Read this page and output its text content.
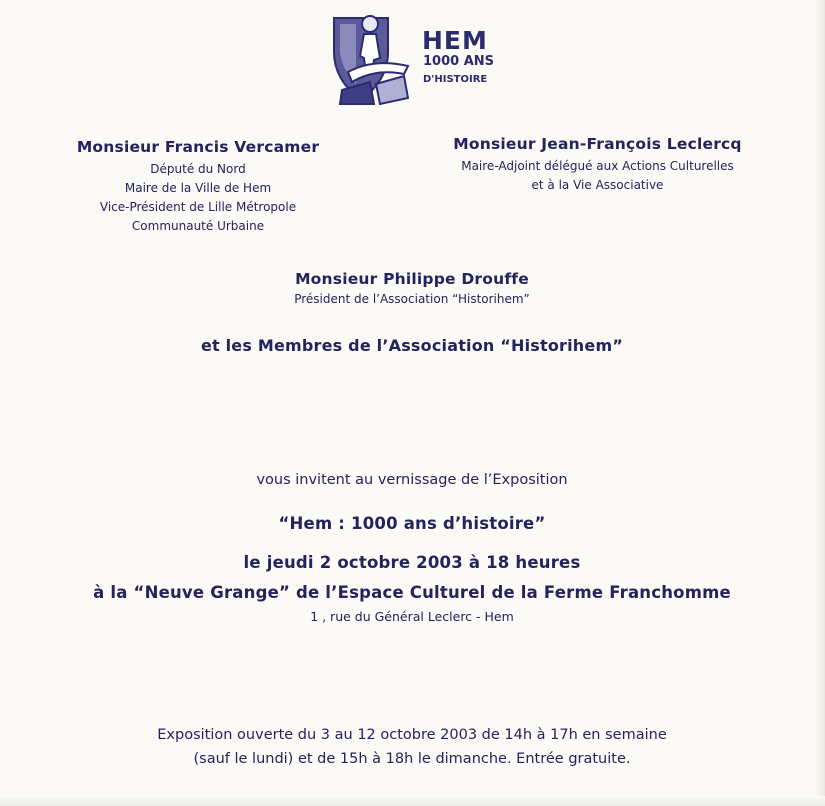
HEM
1000 ANS
D'HISTOIRE
Monsieur Francis Vercamer
Député du Nord
Maire de la Ville de Hem
Vice-Président de Lille Métropole
Communauté Urbaine
Monsieur Jean-François Leclercq
Maire-Adjoint délégué aux Actions Culturelles
et à la Vie Associative
Monsieur Philippe Drouffe
Président de l’Association “Historihem”
et les Membres de l’Association “Historihem”
vous invitent au vernissage de l’Exposition
“Hem : 1000 ans d’histoire”
le jeudi 2 octobre 2003 à 18 heures
à la “Neuve Grange” de l’Espace Culturel de la Ferme Franchomme
1 , rue du Général Leclerc - Hem
Exposition ouverte du 3 au 12 octobre 2003 de 14h à 17h en semaine
(sauf le lundi) et de 15h à 18h le dimanche. Entrée gratuite.
